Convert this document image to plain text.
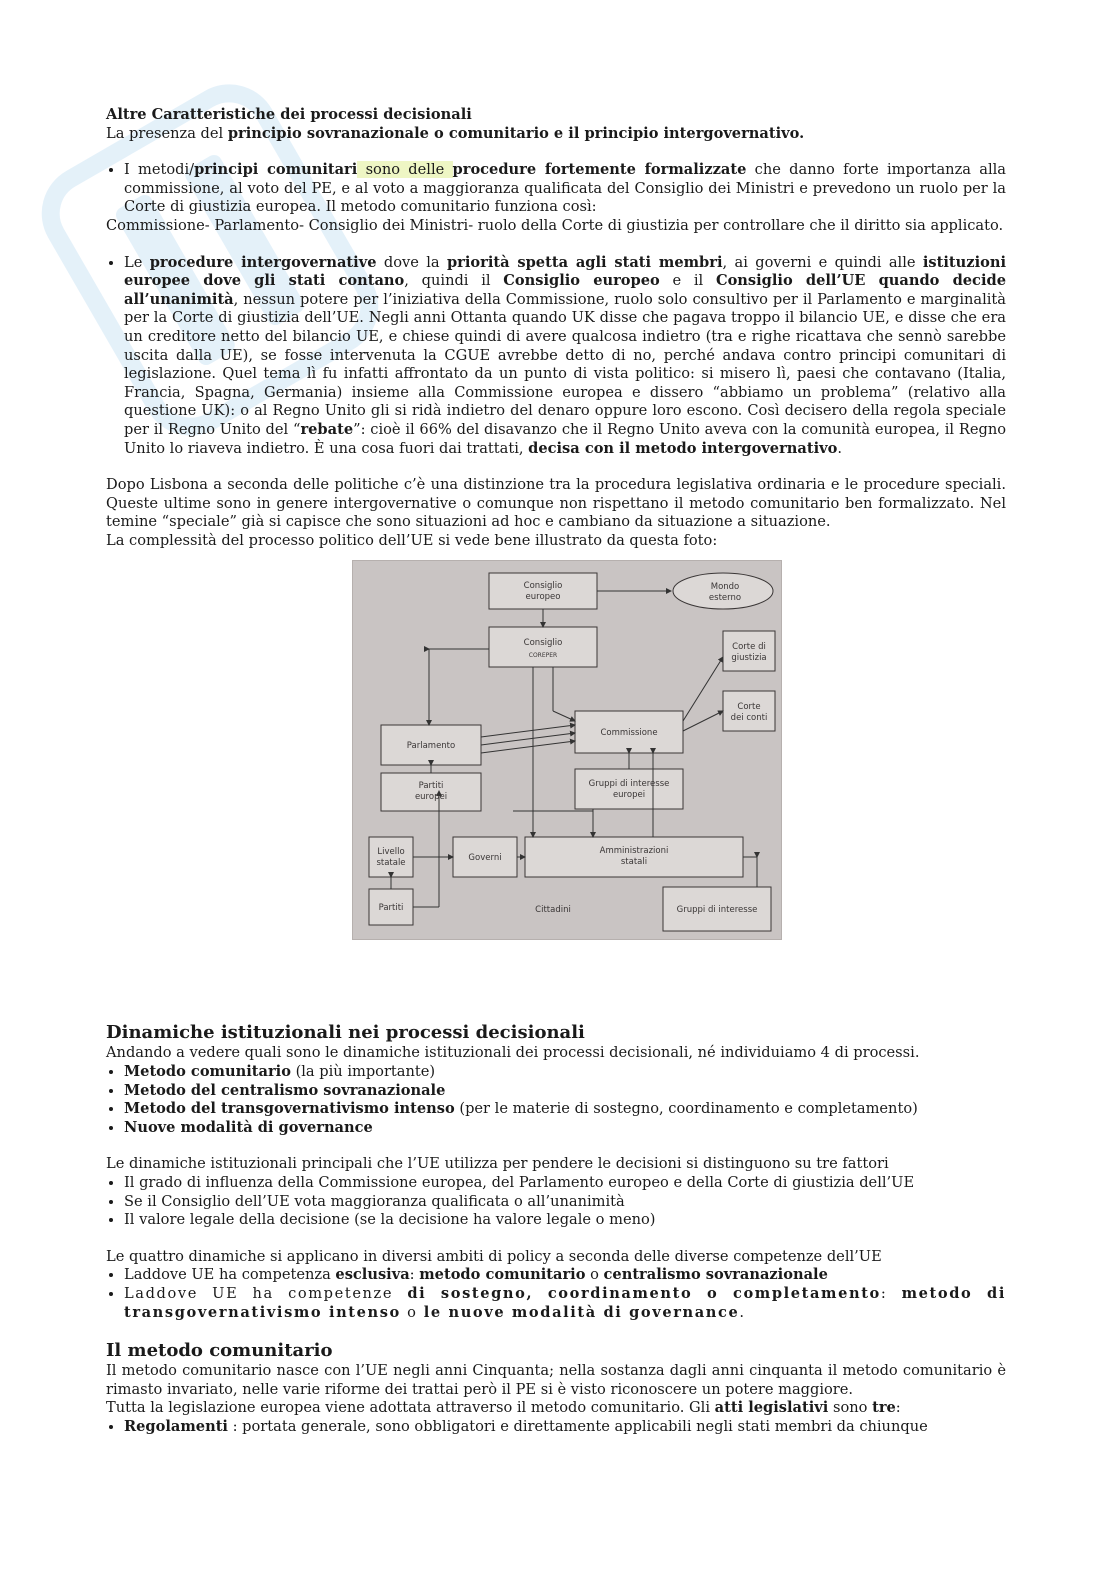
Altre Caratteristiche dei processi decisionali

La presenza del principio sovranazionale o comunitario e il principio intergovernativo.

• I metodi/principi comunitari sono delle procedure fortemente formalizzate che danno forte importanza alla commissione, al voto del PE, e al voto a maggioranza qualificata del Consiglio dei Ministri e prevedono un ruolo per la Corte di giustizia europea. Il metodo comunitario funziona così:

Commissione- Parlamento- Consiglio dei Ministri- ruolo della Corte di giustizia per controllare che il diritto sia applicato.

• Le procedure intergovernative dove la priorità spetta agli stati membri, ai governi e quindi alle istituzioni europee dove gli stati contano, quindi il Consiglio europeo e il Consiglio dell’UE quando decide all’unanimità, nessun potere per l’iniziativa della Commissione, ruolo solo consultivo per il Parlamento e marginalità per la Corte di giustizia dell’UE. Negli anni Ottanta quando UK disse che pagava troppo il bilancio UE, e disse che era un creditore netto del bilancio UE, e chiese quindi di avere qualcosa indietro (tra e righe ricattava che sennò sarebbe uscita dalla UE), se fosse intervenuta la CGUE avrebbe detto di no, perché andava contro principi comunitari di legislazione. Quel tema lì fu infatti affrontato da un punto di vista politico: si misero lì, paesi che contavano (Italia, Francia, Spagna, Germania) insieme alla Commissione europea e dissero “abbiamo un problema” (relativo alla questione UK): o al Regno Unito gli si ridà indietro del denaro oppure loro escono. Così decisero della regola speciale per il Regno Unito del “rebate”: cioè il 66% del disavanzo che il Regno Unito aveva con la comunità europea, il Regno Unito lo riaveva indietro. È una cosa fuori dai trattati, decisa con il metodo intergovernativo.

Dopo Lisbona a seconda delle politiche c’è una distinzione tra la procedura legislativa ordinaria e le procedure speciali. Queste ultime sono in genere intergovernative o comunque non rispettano il metodo comunitario ben formalizzato. Nel temine “speciale” già si capisce che sono situazioni ad hoc e cambiano da situazione a situazione.

La complessità del processo politico dell’UE si vede bene illustrato da questa foto:

Consiglio
europeo
Mondo
esterno
Consiglio
COREPER
Corte di
giustizia
Corte
dei conti
Commissione
Parlamento
Partiti
europei
Gruppi di interesse
europei
Livello
statale	Governi
Amministrazioni
statali
Partiti	Cittadini	Gruppi di interesse

Dinamiche istituzionali nei processi decisionali

Andando a vedere quali sono le dinamiche istituzionali dei processi decisionali, né individuiamo 4 di processi.

• Metodo comunitario (la più importante)
• Metodo del centralismo sovranazionale
• Metodo del transgovernativismo intenso (per le materie di sostegno, coordinamento e completamento)
• Nuove modalità di governance

Le dinamiche istituzionali principali che l’UE utilizza per pendere le decisioni si distinguono su tre fattori

• Il grado di influenza della Commissione europea, del Parlamento europeo e della Corte di giustizia dell’UE
• Se il Consiglio dell’UE vota maggioranza qualificata o all’unanimità
• Il valore legale della decisione (se la decisione ha valore legale o meno)

Le quattro dinamiche si applicano in diversi ambiti di policy a seconda delle diverse competenze dell’UE

• Laddove UE ha competenza esclusiva: metodo comunitario o centralismo sovranazionale
• Laddove UE ha competenze di sostegno, coordinamento o completamento: metodo di transgovernativismo intenso o le nuove modalità di governance.

Il metodo comunitario

Il metodo comunitario nasce con l’UE negli anni Cinquanta; nella sostanza dagli anni cinquanta il metodo comunitario è rimasto invariato, nelle varie riforme dei trattai però il PE si è visto riconoscere un potere maggiore.

Tutta la legislazione europea viene adottata attraverso il metodo comunitario. Gli atti legislativi sono tre:

• Regolamenti : portata generale, sono obbligatori e direttamente applicabili negli stati membri da chiunque
